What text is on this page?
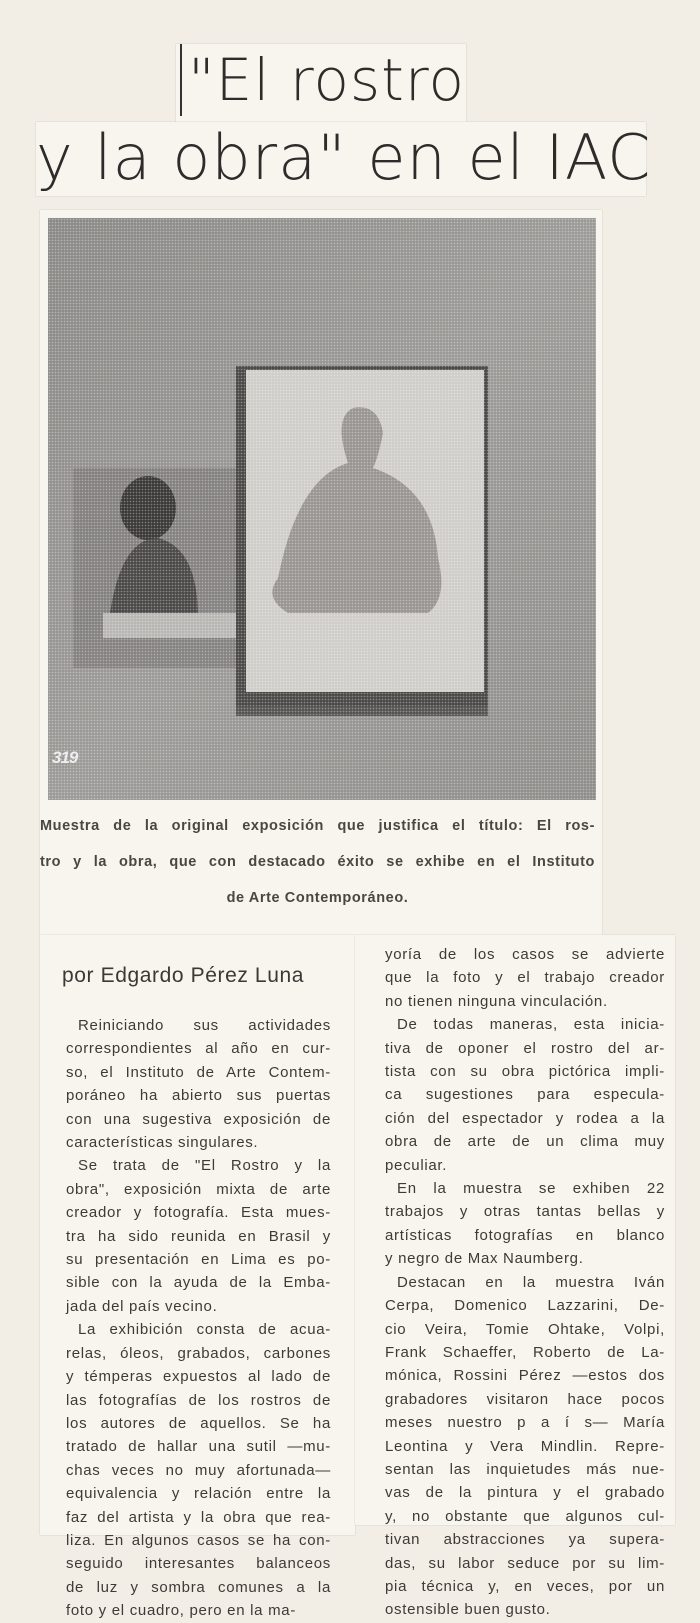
"El rostro
y la obra" en el IAC
319
Muestra de la original exposición que justifica el título: El ros-
tro y la obra, que con destacado éxito se exhibe en el Instituto
de Arte Contemporáneo.
por Edgardo Pérez Luna
Reiniciando sus actividades
correspondientes al año en cur-
so, el Instituto de Arte Contem-
poráneo ha abierto sus puertas
con una sugestiva exposición de
características singulares.
Se trata de "El Rostro y la
obra", exposición mixta de arte
creador y fotografía. Esta mues-
tra ha sido reunida en Brasil y
su presentación en Lima es po-
sible con la ayuda de la Emba-
jada del país vecino.
La exhibición consta de acua-
relas, óleos, grabados, carbones
y témperas expuestos al lado de
las fotografías de los rostros de
los autores de aquellos. Se ha
tratado de hallar una sutil —mu-
chas veces no muy afortunada—
equivalencia y relación entre la
faz del artista y la obra que rea-
liza. En algunos casos se ha con-
seguido interesantes balanceos
de luz y sombra comunes a la
foto y el cuadro, pero en la ma-
yoría de los casos se advierte
que la foto y el trabajo creador
no tienen ninguna vinculación.
De todas maneras, esta inicia-
tiva de oponer el rostro del ar-
tista con su obra pictórica impli-
ca sugestiones para especula-
ción del espectador y rodea a la
obra de arte de un clima muy
peculiar.
En la muestra se exhiben 22
trabajos y otras tantas bellas y
artísticas fotografías en blanco
y negro de Max Naumberg.
Destacan en la muestra Iván
Cerpa, Domenico Lazzarini, De-
cio Veira, Tomie Ohtake, Volpi,
Frank Schaeffer, Roberto de La-
mónica, Rossini Pérez —estos dos
grabadores visitaron hace pocos
meses nuestro p a í s— María
Leontina y Vera Mindlin. Repre-
sentan las inquietudes más nue-
vas de la pintura y el grabado
y, no obstante que algunos cul-
tivan abstracciones ya supera-
das, su labor seduce por su lim-
pia técnica y, en veces, por un
ostensible buen gusto.
